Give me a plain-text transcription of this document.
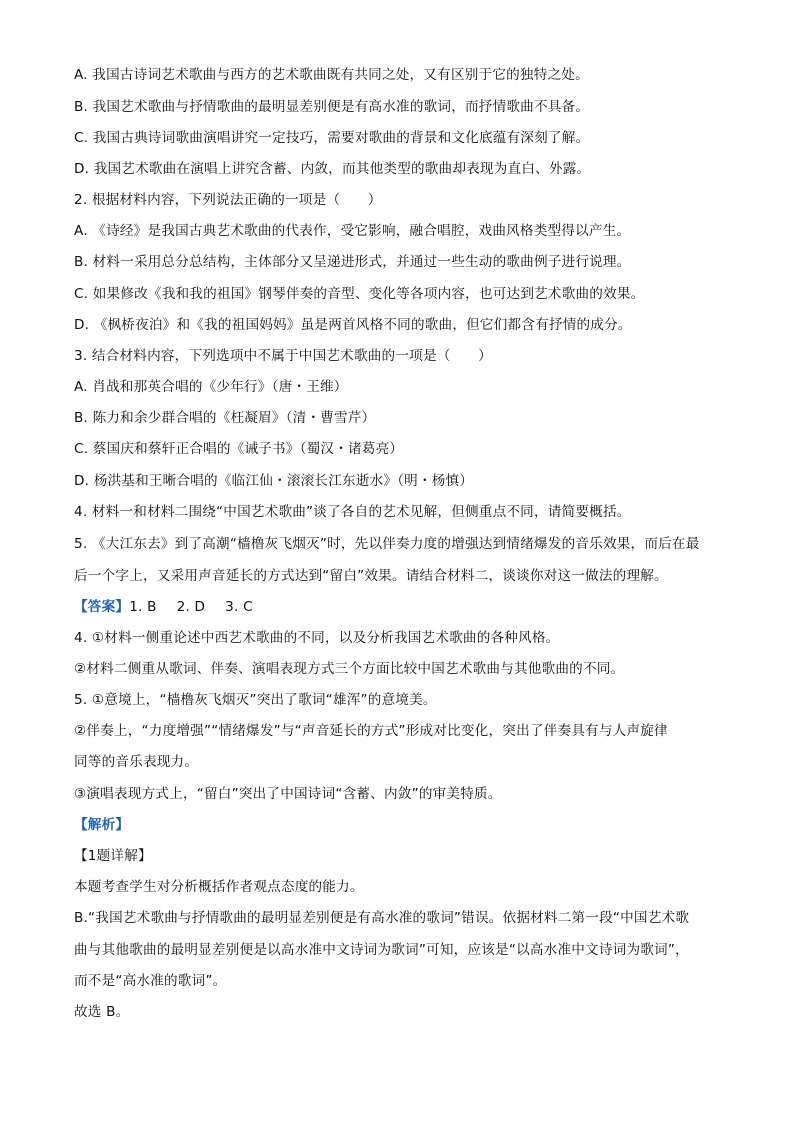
A. 我国古诗词艺术歌曲与西方的艺术歌曲既有共同之处，又有区别于它的独特之处。
B. 我国艺术歌曲与抒情歌曲的最明显差别便是有高水准的歌词，而抒情歌曲不具备。
C. 我国古典诗词歌曲演唱讲究一定技巧，需要对歌曲的背景和文化底蕴有深刻了解。
D. 我国艺术歌曲在演唱上讲究含蓄、内敛，而其他类型的歌曲却表现为直白、外露。
2. 根据材料内容，下列说法正确的一项是（　　）
A. 《诗经》是我国古典艺术歌曲的代表作，受它影响，融合唱腔，戏曲风格类型得以产生。
B. 材料一采用总分总结构，主体部分又呈递进形式，并通过一些生动的歌曲例子进行说理。
C. 如果修改《我和我的祖国》钢琴伴奏的音型、变化等各项内容，也可达到艺术歌曲的效果。
D. 《枫桥夜泊》和《我的祖国妈妈》虽是两首风格不同的歌曲，但它们都含有抒情的成分。
3. 结合材料内容，下列选项中不属于中国艺术歌曲的一项是（　　）
A. 肖战和那英合唱的《少年行》（唐・王维）
B. 陈力和余少群合唱的《枉凝眉》（清・曹雪芹）
C. 蔡国庆和蔡轩正合唱的《诫子书》（蜀汉・诸葛亮）
D. 杨洪基和王晰合唱的《临江仙・滚滚长江东逝水》（明・杨慎）
4. 材料一和材料二围绕“中国艺术歌曲”谈了各自的艺术见解，但侧重点不同，请简要概括。
5. 《大江东去》到了高潮“樯橹灰飞烟灭”时，先以伴奏力度的增强达到情绪爆发的音乐效果，而后在最
后一个字上，又采用声音延长的方式达到“留白”效果。请结合材料二，谈谈你对这一做法的理解。
【答案】1. B 2. D 3. C
4. ①材料一侧重论述中西艺术歌曲的不同，以及分析我国艺术歌曲的各种风格。
②材料二侧重从歌词、伴奏、演唱表现方式三个方面比较中国艺术歌曲与其他歌曲的不同。
5. ①意境上，“樯橹灰飞烟灭”突出了歌词“雄浑”的意境美。
②伴奏上，“力度增强”“情绪爆发”与“声音延长的方式”形成对比变化，突出了伴奏具有与人声旋律
同等的音乐表现力。
③演唱表现方式上，“留白”突出了中国诗词“含蓄、内敛”的审美特质。
【解析】
【1题详解】
本题考查学生对分析概括作者观点态度的能力。
B.“我国艺术歌曲与抒情歌曲的最明显差别便是有高水准的歌词”错误。依据材料二第一段“中国艺术歌
曲与其他歌曲的最明显差别便是以高水准中文诗词为歌词”可知，应该是“以高水准中文诗词为歌词”，
而不是“高水准的歌词”。
故选 B。
